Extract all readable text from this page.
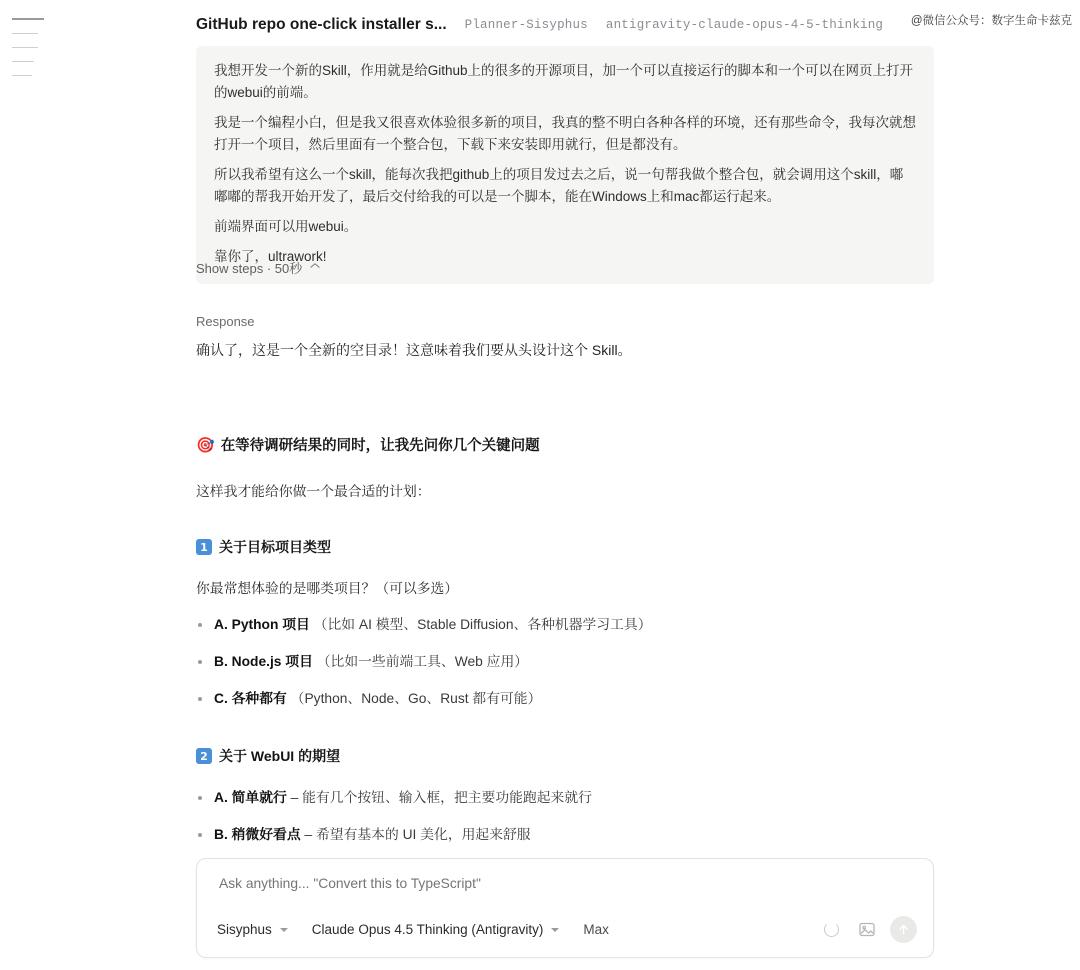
GitHub repo one-click installer s... Planner-Sisyphus antigravity-claude-opus-4-5-thinking @微信公众号：数字生命卡兹克

我想开发一个新的Skill，作用就是给Github上的很多的开源项目，加一个可以直接运行的脚本和一个可以在网页上打开的webui的前端。

我是一个编程小白，但是我又很喜欢体验很多新的项目，我真的整不明白各种各样的环境，还有那些命令，我每次就想打开一个项目，然后里面有一个整合包，下载下来安装即用就行，但是都没有。

所以我希望有这么一个skill，能每次我把github上的项目发过去之后，说一句帮我做个整合包，就会调用这个skill，嘟嘟嘟的帮我开始开发了，最后交付给我的可以是一个脚本，能在Windows上和mac都运行起来。

前端界面可以用webui。

靠你了，ultrawork!

Show steps · 50秒
Response
确认了，这是一个全新的空目录！这意味着我们要从头设计这个 Skill。
🎯 在等待调研结果的同时，让我先问你几个关键问题
这样我才能给你做一个最合适的计划：
1 关于目标项目类型
你最常想体验的是哪类项目？（可以多选）
A. Python 项目 （比如 AI 模型、Stable Diffusion、各种机器学习工具）
B. Node.js 项目 （比如一些前端工具、Web 应用）
C. 各种都有 （Python、Node、Go、Rust 都有可能）
2 关于 WebUI 的期望
A. 简单就行 – 能有几个按钮、输入框，把主要功能跑起来就行
B. 稍微好看点 – 希望有基本的 UI 美化，用起来舒服
Ask anything... "Convert this to TypeScript"
Sisyphus	Claude Opus 4.5 Thinking (Antigravity)	Max
